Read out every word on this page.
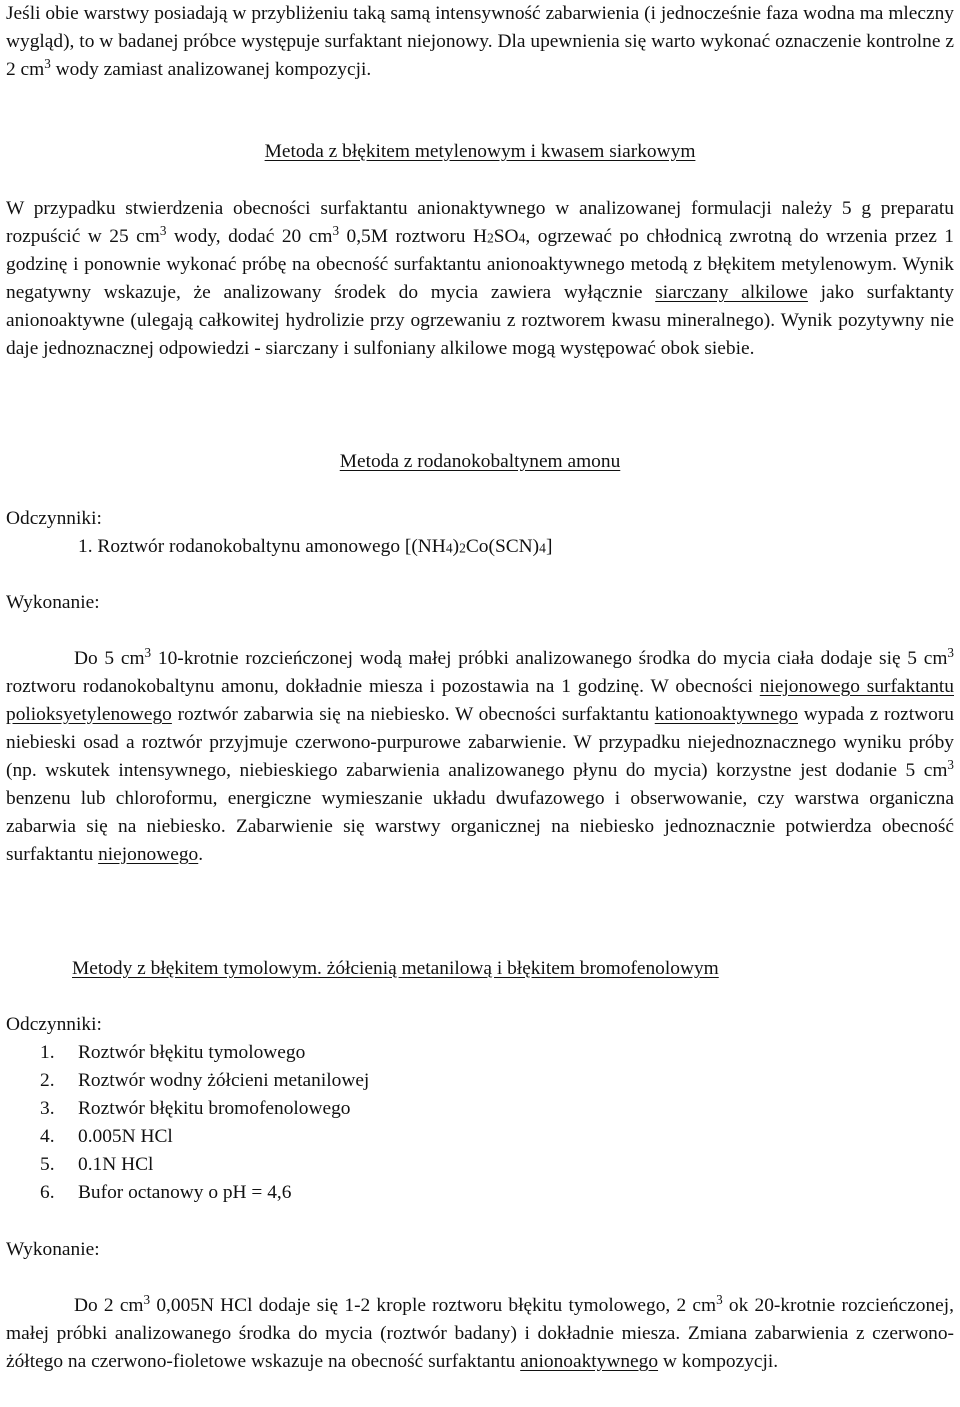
Jeśli obie warstwy posiadają w przybliżeniu taką samą intensywność zabarwienia (i jednocześnie faza wodna ma mleczny wygląd), to w badanej próbce występuje surfaktant niejonowy. Dla upewnienia się warto wykonać oznaczenie kontrolne z 2 $cm^3$ wody zamiast analizowanej kompozycji.

Metoda z błękitem metylenowym i kwasem siarkowym

W przypadku stwierdzenia obecności surfaktantu anionaktywnego w analizowanej formulacji należy 5 g preparatu rozpuścić w 25 $cm^3$ wody, dodać 20 $cm^3$ 0,5M roztworu $H_2SO_4$, ogrzewać po chłodnicą zwrotną do wrzenia przez 1 godzinę i ponownie wykonać próbę na obecność surfaktantu anionoaktywnego metodą z błękitem metylenowym. Wynik negatywny wskazuje, że analizowany środek do mycia zawiera wyłącznie siarczany alkilowe jako surfaktanty anionoaktywne (ulegają całkowitej hydrolizie przy ogrzewaniu z roztworem kwasu mineralnego). Wynik pozytywny nie daje jednoznacznej odpowiedzi - siarczany i sulfoniany alkilowe mogą występować obok siebie.

Metoda z rodanokobaltynem amonu

Odczynniki:

1. Roztwór rodanokobaltynu amonowego $[(NH_4)_2Co(SCN)_4]$

Wykonanie:

Do 5 $cm^3$ 10-krotnie rozcieńczonej wodą małej próbki analizowanego środka do mycia ciała dodaje się 5 $cm^3$ roztworu rodanokobaltynu amonu, dokładnie miesza i pozostawia na 1 godzinę. W obecności niejonowego surfaktantu polioksyetylenowego roztwór zabarwia się na niebiesko. W obecności surfaktantu kationoaktywnego wypada z roztworu niebieski osad a roztwór przyjmuje czerwono-purpurowe zabarwienie. W przypadku niejednoznacznego wyniku próby (np. wskutek intensywnego, niebieskiego zabarwienia analizowanego płynu do mycia) korzystne jest dodanie 5 $cm^3$ benzenu lub chloroformu, energiczne wymieszanie układu dwufazowego i obserwowanie, czy warstwa organiczna zabarwia się na niebiesko. Zabarwienie się warstwy organicznej na niebiesko jednoznacznie potwierdza obecność surfaktantu niejonowego.

Metody z błękitem tymolowym. żółcienią metanilową i błękitem bromofenolowym

Odczynniki:

1. Roztwór błękitu tymolowego
2. Roztwór wodny żółcieni metanilowej
3. Roztwór błękitu bromofenolowego
4. 0.005N HCl
5. 0.1N HCl
6. Bufor octanowy o pH = 4,6

Wykonanie:

Do 2 $cm^3$ 0,005N HCl dodaje się 1-2 krople roztworu błękitu tymolowego, 2 $cm^3$ ok 20-krotnie rozcieńczonej, małej próbki analizowanego środka do mycia (roztwór badany) i dokładnie miesza. Zmiana zabarwienia z czerwono-żółtego na czerwono-fioletowe wskazuje na obecność surfaktantu anionoaktywnego w kompozycji.
